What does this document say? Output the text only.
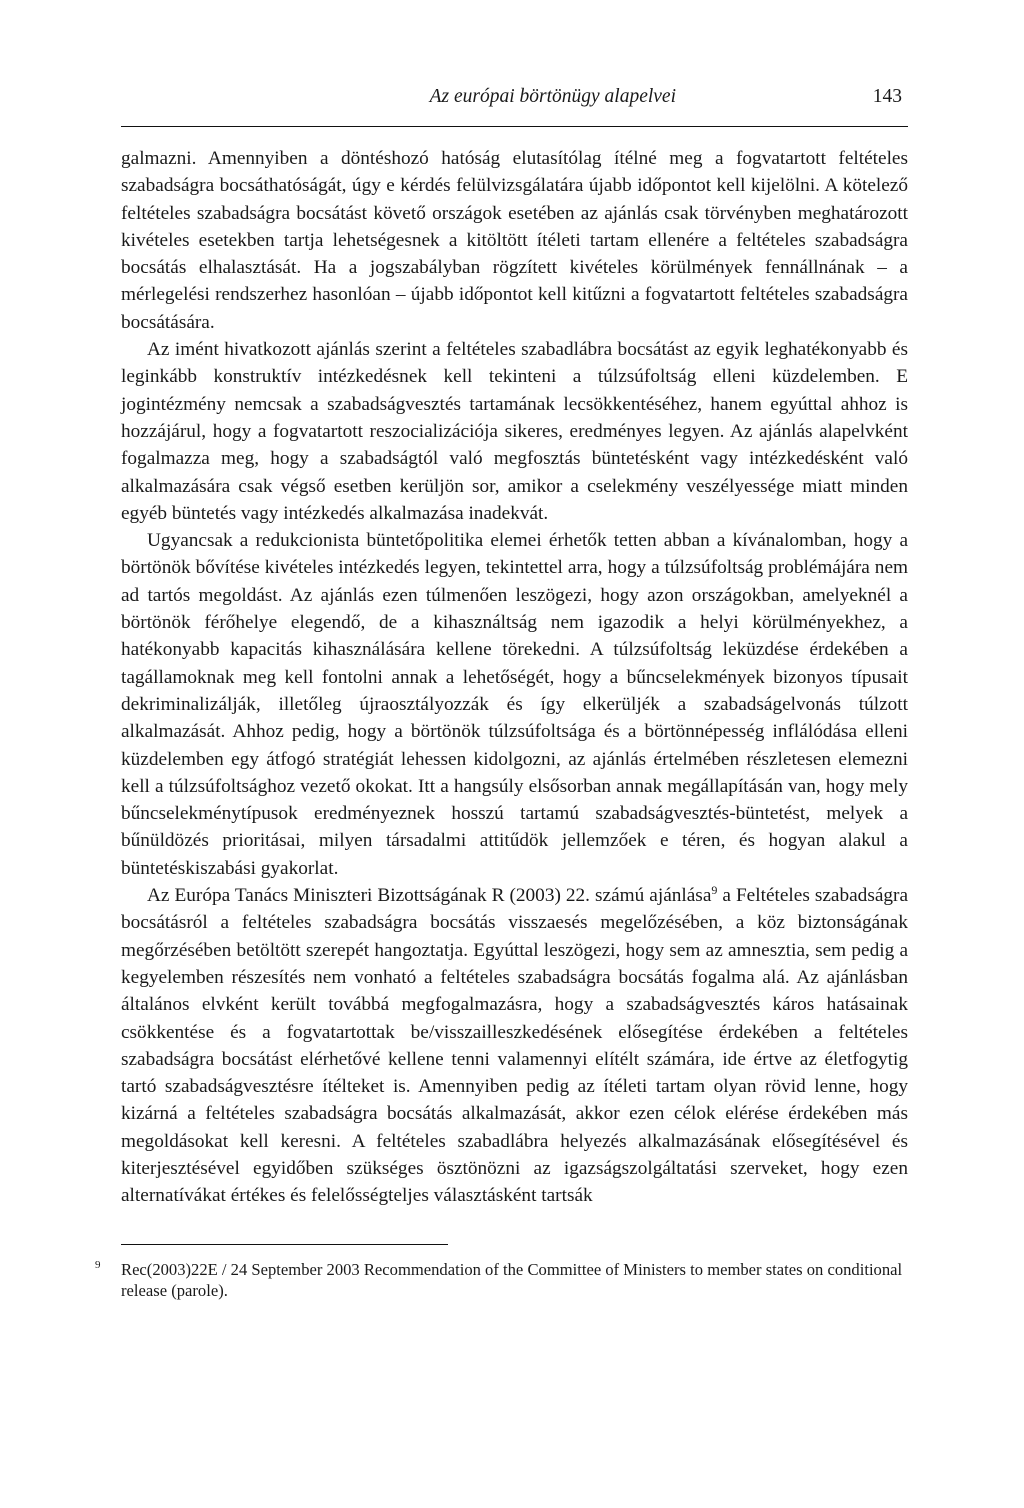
Az európai börtönügy alapelvei	143

galmazni. Amennyiben a döntéshozó hatóság elutasítólag ítélné meg a fogvatartott feltételes szabadságra bocsáthatóságát, úgy e kérdés felülvizsgálatára újabb időpontot kell kijelölni. A kötelező feltételes szabadságra bocsátást követő országok esetében az ajánlás csak törvényben meghatározott kivételes esetekben tartja lehetségesnek a kitöltött ítéleti tartam ellenére a feltételes szabadságra bocsátás elhalasztását. Ha a jogszabályban rögzített kivételes körülmények fennállnának – a mérlegelési rendszerhez hasonlóan – újabb időpontot kell kitűzni a fogvatartott feltételes szabadságra bocsátására.

Az imént hivatkozott ajánlás szerint a feltételes szabadlábra bocsátást az egyik leghatékonyabb és leginkább konstruktív intézkedésnek kell tekinteni a túlzsúfoltság elleni küzdelemben. E jogintézmény nemcsak a szabadságvesztés tartamának lecsökkentéséhez, hanem egyúttal ahhoz is hozzájárul, hogy a fogvatartott reszocializációja sikeres, eredményes legyen. Az ajánlás alapelvként fogalmazza meg, hogy a szabadságtól való megfosztás büntetésként vagy intézkedésként való alkalmazására csak végső esetben kerüljön sor, amikor a cselekmény veszélyessége miatt minden egyéb büntetés vagy intézkedés alkalmazása inadekvát.

Ugyancsak a redukcionista büntetőpolitika elemei érhetők tetten abban a kívánalomban, hogy a börtönök bővítése kivételes intézkedés legyen, tekintettel arra, hogy a túlzsúfoltság problémájára nem ad tartós megoldást. Az ajánlás ezen túlmenően leszögezi, hogy azon országokban, amelyeknél a börtönök férőhelye elegendő, de a kihasználtság nem igazodik a helyi körülményekhez, a hatékonyabb kapacitás kihasználására kellene törekedni. A túlzsúfoltság leküzdése érdekében a tagállamoknak meg kell fontolni annak a lehetőségét, hogy a bűncselekmények bizonyos típusait dekriminalizálják, illetőleg újraosztályozzák és így elkerüljék a szabadságelvonás túlzott alkalmazását. Ahhoz pedig, hogy a börtönök túlzsúfoltsága és a börtönnépesség inflálódása elleni küzdelemben egy átfogó stratégiát lehessen kidolgozni, az ajánlás értelmében részletesen elemezni kell a túlzsúfoltsághoz vezető okokat. Itt a hangsúly elsősorban annak megállapításán van, hogy mely bűncselekménytípusok eredményeznek hosszú tartamú szabadságvesztés-büntetést, melyek a bűnüldözés prioritásai, milyen társadalmi attitűdök jellemzőek e téren, és hogyan alakul a büntetéskiszabási gyakorlat.

Az Európa Tanács Miniszteri Bizottságának R (2003) 22. számú ajánlása$^9$ a Feltételes szabadságra bocsátásról a feltételes szabadságra bocsátás visszaesés megelőzésében, a köz biztonságának megőrzésében betöltött szerepét hangoztatja. Egyúttal leszögezi, hogy sem az amnesztia, sem pedig a kegyelemben részesítés nem vonható a feltételes szabadságra bocsátás fogalma alá. Az ajánlásban általános elvként került továbbá megfogalmazásra, hogy a szabadságvesztés káros hatásainak csökkentése és a fogvatartottak be/visszailleszkedésének elősegítése érdekében a feltételes szabadságra bocsátást elérhetővé kellene tenni valamennyi elítélt számára, ide értve az életfogytig tartó szabadságvesztésre ítélteket is. Amennyiben pedig az ítéleti tartam olyan rövid lenne, hogy kizárná a feltételes szabadságra bocsátás alkalmazását, akkor ezen célok elérése érdekében más megoldásokat kell keresni. A feltételes szabadlábra helyezés alkalmazásának elősegítésével és kiterjesztésével egyidőben szükséges ösztönözni az igazságszolgáltatási szerveket, hogy ezen alternatívákat értékes és felelősségteljes választásként tartsák

9 Rec(2003)22E / 24 September 2003 Recommendation of the Committee of Ministers to member states on conditional release (parole).
